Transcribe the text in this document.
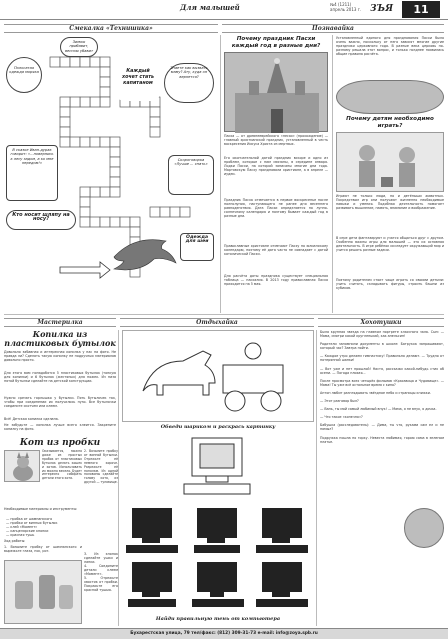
Для малышей	№4 (1211)
апрель 2013 г. ЗЪЯ	11
Смекалка «Технишика»	Познавайка
Полосатая одежда моряка
Зимою прибавит, весною убавит
Каждый хочет стать капитаном
Знаете как вызвать маму? Ату, куда он вернется?
В сказке Иван-дурак говорит: «...повернись к лесу задом, а ко мне передом!»
Кто носит шляпу на носу?
Скороговорка «Лучше ... спать»
Одежда для шеи
Почему праздник Пасхи каждый год в разные дни?
Пасха — от древнееврейского «песах» (прохождение) — главный христианский праздник, установленный в честь воскресения Иисуса Христа из мертвых.
Его окончательной датой праздник вскоре и одно из проблем, которые с ним связаны, в середине января. Лодки Пасхи, на которой записаны многие дни года. Мартовскую Пасху праздновали христиане, а в апреле — иудеи.
Праздник Пасха отмечается в первое воскресенье после полнолуния, наступающего не ранее дня весеннего равноденствия. Дата Пасхи определяется по лунно-солнечному календарю и поэтому бывает каждый год в разные дни.
Православные христиане отмечают Пасху по юлианскому календарю, поэтому её дата часто не совпадает с датой католической Пасхи.
Для расчёта даты праздника существует специальная таблица — пасхалия. В 2013 году православная Пасха приходится на 5 мая.
Установленный единого дня празднования Пасхи было очень важно, поскольку от него зависят многие другие праздники церковного года. В разные века церковь по-разному решала этот вопрос, и только позднее появились общие правила расчёта.
Почему детям необходимо играть?
Играют не только люди, но и детёныши животных. Посредством игр они получают жизненно необходимые навыки и умения. Подобная деятельность помогает развивать мышление, память, внимание и воображение.
В игре дети фантазируют и учатся общаться друг с другом. Особенно важны игры для малышей — это их основная деятельность. В игре ребёнок исследует окружающий мир и учится решать разные задачи.
Поэтому родителям стоит чаще играть со своими детьми: учить считать, складывать фигуры, строить башни из кубиков.
Мастерилка	Отдыхайка	Хохотушки
Копилка из пластиковых бутылок
Довольно забавная и интересная копилка у нас на фото. Не правда ли? Сделать такую копилку не подручных материалов довольно просто.
Для этого вам понадобятся 5 пластиковых бутылок (тонкую для копилки) и 6 бутылок (жестяных) для ножек. Из низа пятой бутылки сделайте на детской конструкции.
Нужно срезать горлышко у бутылки. Пять бутылочек так, чтобы при соединении их получилось пузо. Все бутылочки соедините скотчем или клеем.
Всё! Детская копилка сделана.
Не забудьте — копилка лучше всего клеится. Закрепите копилку на фото.
Кот из пробки
Оказывается, можно даже из простых пробок от пластиковых бутылок делать кошек и котов. Использовать их можно весело. Будет интересно собирать детали этого кота.
Необходимые материалы и инструменты:
— пробка от шампанского
— пробки от винных бутылок
— клей «Момент»
— канцелярские кнопки
— красная тушь
Ход работы:
1. Возьмите пробку от шампанского и вырежьте глаза, нос, рот.
2. Возьмите пробку от винной бутылки. Отрежьте её немного короче. Разрежьте её пополам. Из одной половины сделайте голову кота, из другой — туловище.
3. Из кнопок сделайте ушки и лапки.
4. Соедините детали клеем «Момент».
5. Отрежьте хвостик от пробки. Покрасьте его красной тушью.
Обведи шариком и раскрась картинку
Найди правильную тень от компьютера
Была крупная звезда на главном портрете классного зала. Сын: — Мама, смотри какой кругленький, как апельсин!
Родители запомнили документы в школе: Батрукха запрашивают, который час? Завтра пойти.
— Каждое утро делаем гимнастику! Правильно делают. — Трудно от потерянной шапки!
— Вот уже и нет прошлой! Настя, расскажи какой-нибудь стих об осени. — Погода плохая...
После просмотра всех четырёх фильмов «Красавица и Чудовище». — Мама! Ты уже всё остальное время с кино?
Антон любит разглядывать звёздное небо и страницы книжки.
— Этот разговор был?
— Вань, ты мой самый любимый внук! — Мама, я не внук, я дочка.
— Что такое «конечно»?
Бабушка (расследователь): — Дима, ты что, руками сам ел и не помыл?
Подружка пошла по горку. Невеста любимая, горою сама в зеленом платье.
Бухарестская улица, 79 тел/факс: (812) 309-31-73 e-mail: info@zoya.spb.ru
